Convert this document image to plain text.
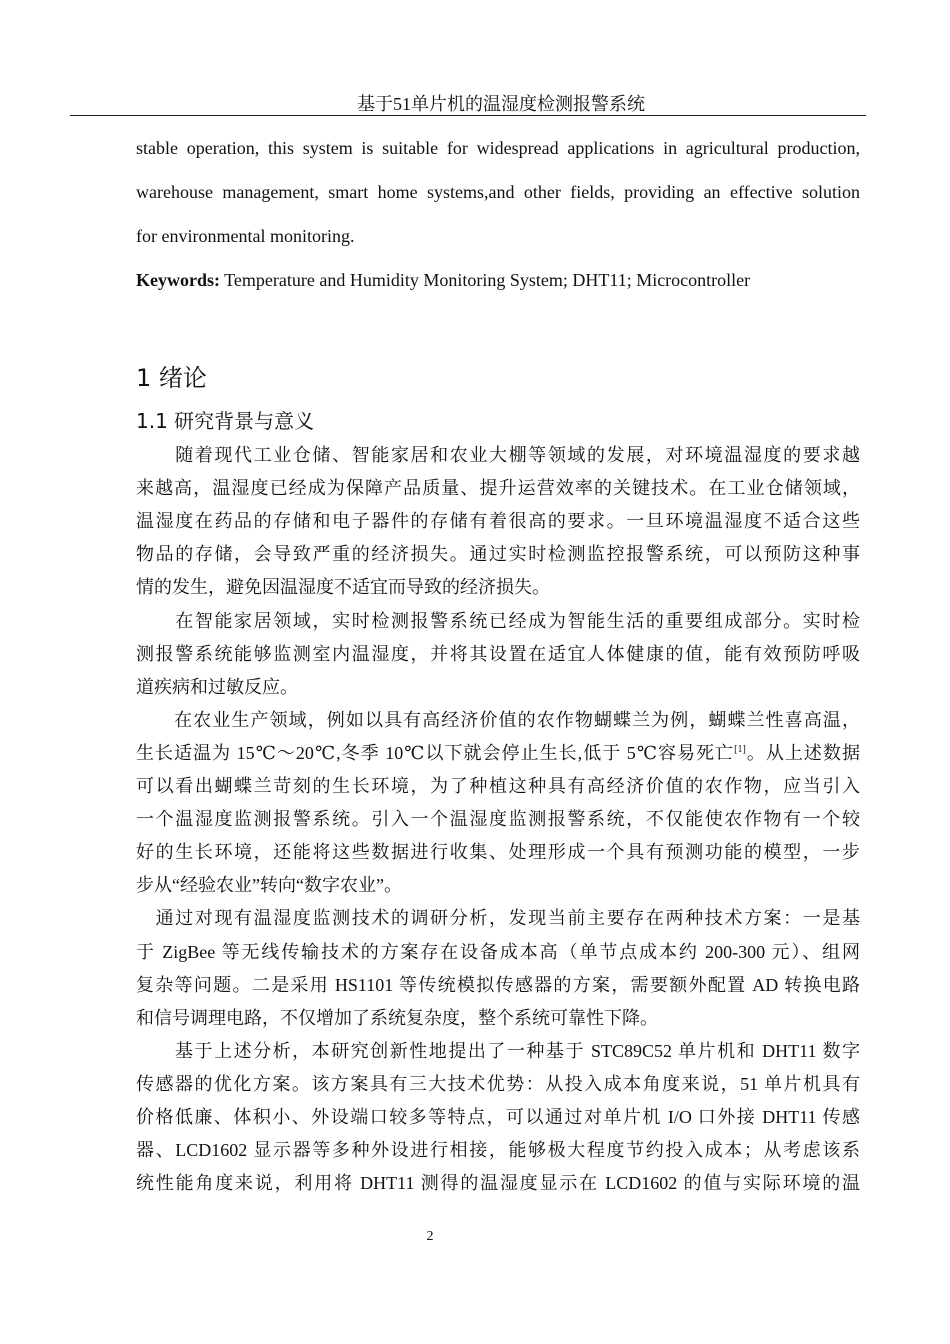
基于51单片机的温湿度检测报警系统
stable operation, this system is suitable for widespread applications in agricultural production,
warehouse management, smart home systems,and other fields, providing an effective solution
for environmental monitoring.
Keywords: Temperature and Humidity Monitoring System; DHT11; Microcontroller
1 绪论
1.1 研究背景与意义
　　随着现代工业仓储、智能家居和农业大棚等领域的发展，对环境温湿度的要求越
来越高，温湿度已经成为保障产品质量、提升运营效率的关键技术。在工业仓储领域，
温湿度在药品的存储和电子器件的存储有着很高的要求。一旦环境温湿度不适合这些
物品的存储，会导致严重的经济损失。通过实时检测监控报警系统，可以预防这种事
情的发生，避免因温湿度不适宜而导致的经济损失。
　　在智能家居领域，实时检测报警系统已经成为智能生活的重要组成部分。实时检
测报警系统能够监测室内温湿度，并将其设置在适宜人体健康的值，能有效预防呼吸
道疾病和过敏反应。
　　在农业生产领域，例如以具有高经济价值的农作物蝴蝶兰为例，蝴蝶兰性喜高温，
生长适温为 15℃～20℃,冬季 10℃以下就会停止生长,低于 5℃容易死亡[1]。从上述数据
可以看出蝴蝶兰苛刻的生长环境，为了种植这种具有高经济价值的农作物，应当引入
一个温湿度监测报警系统。引入一个温湿度监测报警系统，不仅能使农作物有一个较
好的生长环境，还能将这些数据进行收集、处理形成一个具有预测功能的模型，一步
步从“经验农业”转向“数字农业”。
　通过对现有温湿度监测技术的调研分析，发现当前主要存在两种技术方案：一是基
于 ZigBee 等无线传输技术的方案存在设备成本高（单节点成本约 200-300 元）、组网
复杂等问题。二是采用 HS1101 等传统模拟传感器的方案，需要额外配置 AD 转换电路
和信号调理电路，不仅增加了系统复杂度，整个系统可靠性下降。
　　基于上述分析，本研究创新性地提出了一种基于 STC89C52 单片机和 DHT11 数字
传感器的优化方案。该方案具有三大技术优势：从投入成本角度来说，51 单片机具有
价格低廉、体积小、外设端口较多等特点，可以通过对单片机 I/O 口外接 DHT11 传感
器、LCD1602 显示器等多种外设进行相接，能够极大程度节约投入成本；从考虑该系
统性能角度来说，利用将 DHT11 测得的温湿度显示在 LCD1602 的值与实际环境的温
2
